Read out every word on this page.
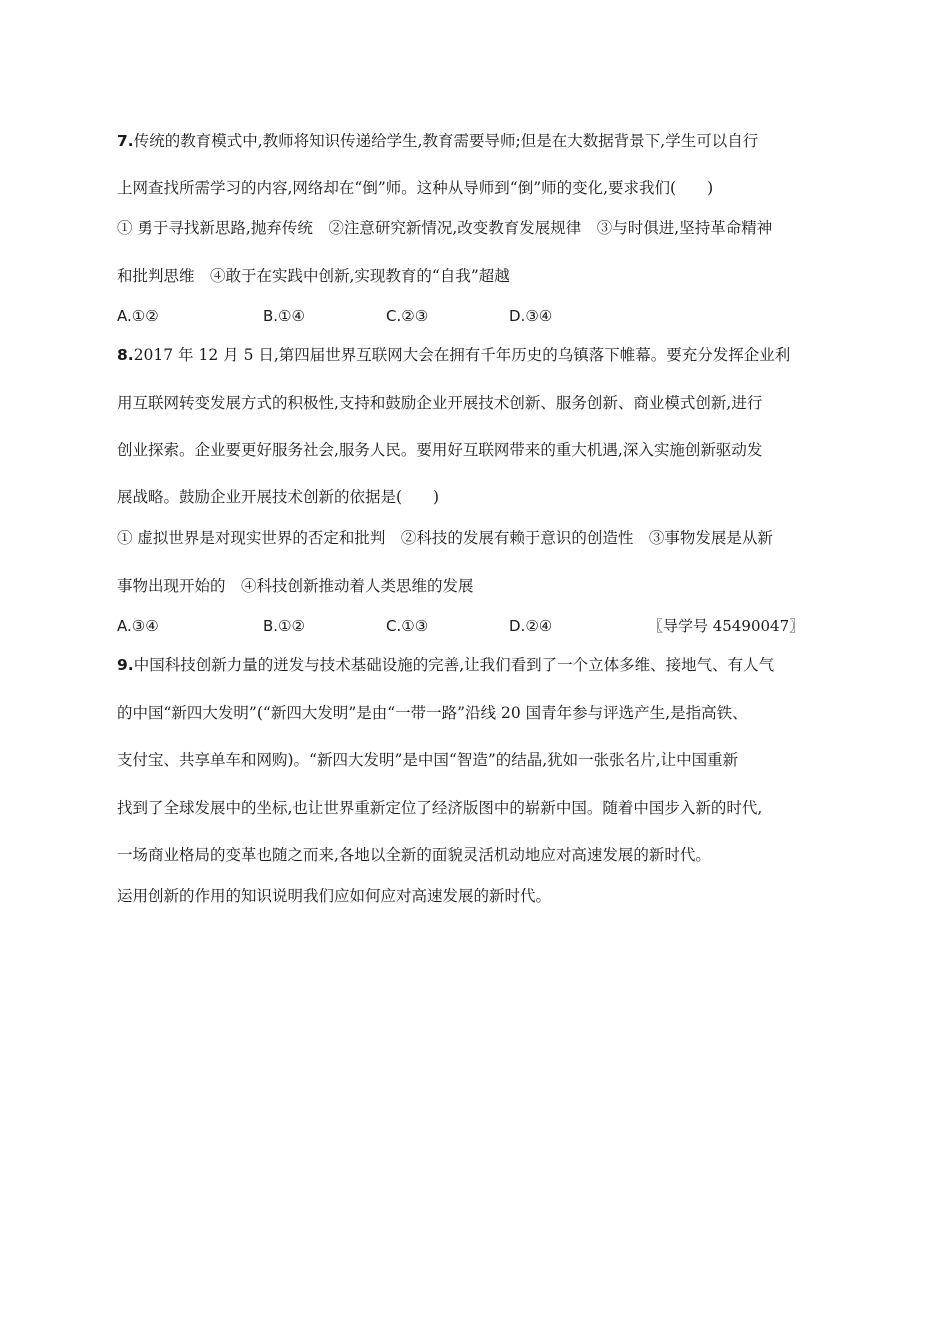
7.传统的教育模式中,教师将知识传递给学生,教育需要导师;但是在大数据背景下,学生可以自行
上网查找所需学习的内容,网络却在“倒”师。这种从导师到“倒”师的变化,要求我们(　　)
① 勇于寻找新思路,抛弃传统　②注意研究新情况,改变教育发展规律　③与时俱进,坚持革命精神
和批判思维　④敢于在实践中创新,实现教育的“自我”超越
A.①②	B.①④	C.②③	D.③④
8.2017 年 12 月 5 日,第四届世界互联网大会在拥有千年历史的乌镇落下帷幕。要充分发挥企业利
用互联网转变发展方式的积极性,支持和鼓励企业开展技术创新、服务创新、商业模式创新,进行
创业探索。企业要更好服务社会,服务人民。要用好互联网带来的重大机遇,深入实施创新驱动发
展战略。鼓励企业开展技术创新的依据是(　　)
① 虚拟世界是对现实世界的否定和批判　②科技的发展有赖于意识的创造性　③事物发展是从新
事物出现开始的　④科技创新推动着人类思维的发展
A.③④	B.①②	C.①③	D.②④	〖导学号 45490047〗
9.中国科技创新力量的迸发与技术基础设施的完善,让我们看到了一个立体多维、接地气、有人气
的中国“新四大发明”(“新四大发明”是由“一带一路”沿线 20 国青年参与评选产生,是指高铁、
支付宝、共享单车和网购)。“新四大发明”是中国“智造”的结晶,犹如一张张名片,让中国重新
找到了全球发展中的坐标,也让世界重新定位了经济版图中的崭新中国。随着中国步入新的时代,
一场商业格局的变革也随之而来,各地以全新的面貌灵活机动地应对高速发展的新时代。
运用创新的作用的知识说明我们应如何应对高速发展的新时代。
